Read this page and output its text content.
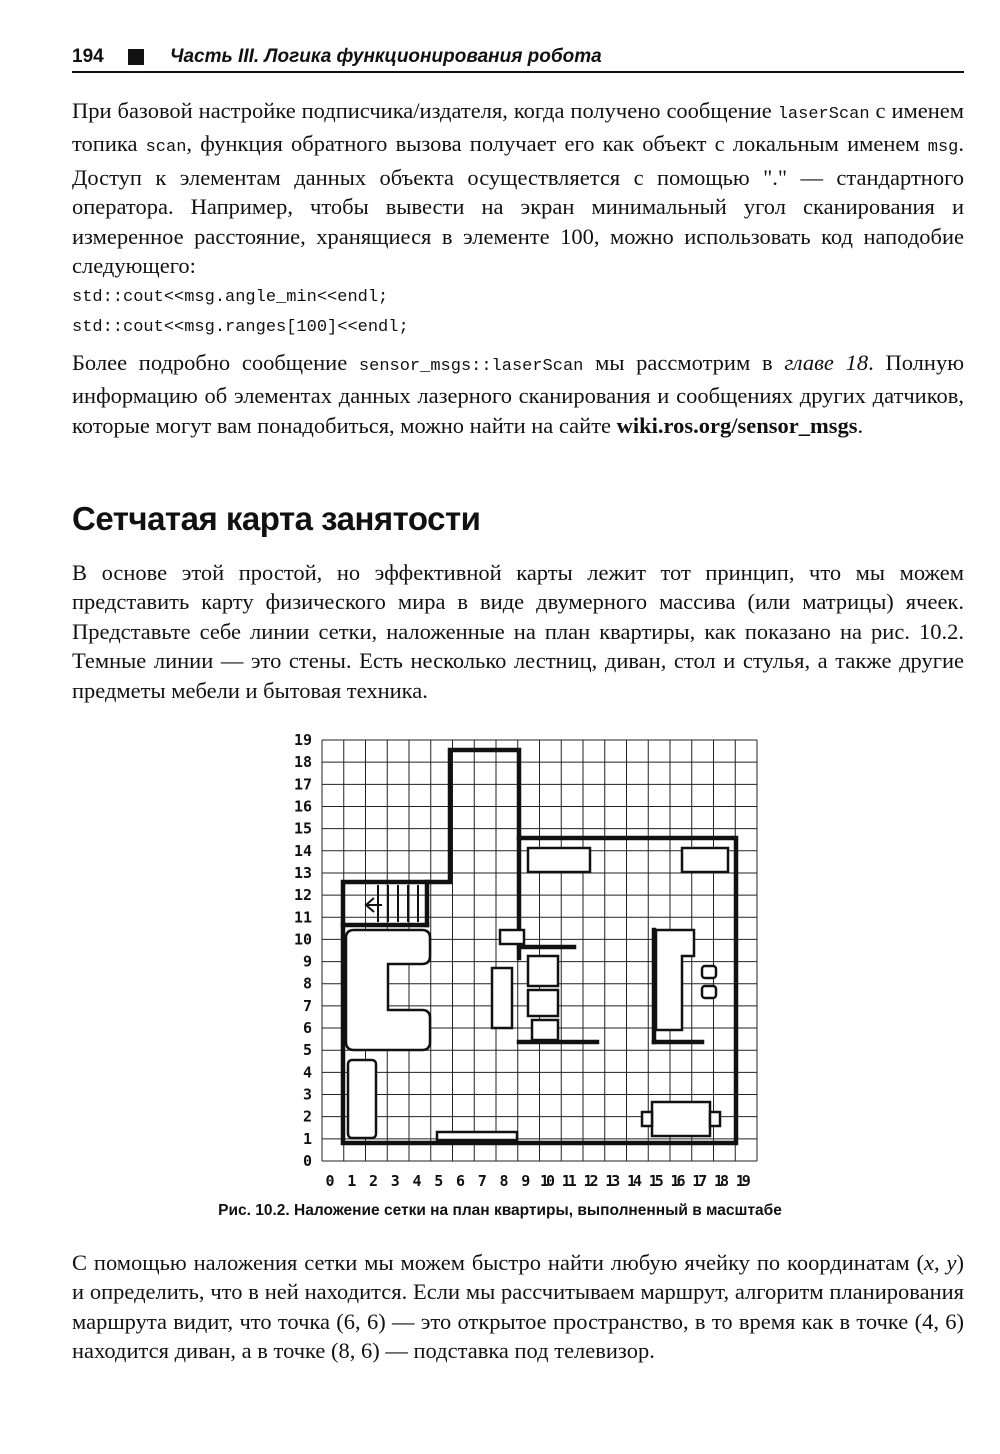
194	Часть III. Логика функционирования робота

При базовой настройке подписчика/издателя, когда получено сообщение laserScan с именем топика scan, функция обратного вызова получает его как объект с локальным именем msg. Доступ к элементам данных объекта осуществляется с помощью "." — стандартного оператора. Например, чтобы вывести на экран минимальный угол сканирования и измеренное расстояние, хранящиеся в элементе 100, можно использовать код наподобие следующего:

std::cout<<msg.angle_min<<endl;
std::cout<<msg.ranges[100]<<endl;

Более подробно сообщение sensor_msgs::laserScan мы рассмотрим в главе 18. Полную информацию об элементах данных лазерного сканирования и сообщениях других датчиков, которые могут вам понадобиться, можно найти на сайте wiki.ros.org/sensor_msgs.

Сетчатая карта занятости

В основе этой простой, но эффективной карты лежит тот принцип, что мы можем представить карту физического мира в виде двумерного массива (или матрицы) ячеек. Представьте себе линии сетки, наложенные на план квартиры, как показано на рис. 10.2. Темные линии — это стены. Есть несколько лестниц, диван, стол и стулья, а также другие предметы мебели и бытовая техника.

0
1
2
3
4
5
6
7
8
9
10
11
12
13
14
15
16
17
18
19
0 1 2 3 4 5 6 7 8 9 10 11 12 13 14 15 16 17 18 19

Рис. 10.2. Наложение сетки на план квартиры, выполненный в масштабе

С помощью наложения сетки мы можем быстро найти любую ячейку по координатам (x, y) и определить, что в ней находится. Если мы рассчитываем маршрут, алгоритм планирования маршрута видит, что точка (6, 6) — это открытое пространство, в то время как в точке (4, 6) находится диван, а в точке (8, 6) — подставка под телевизор.
